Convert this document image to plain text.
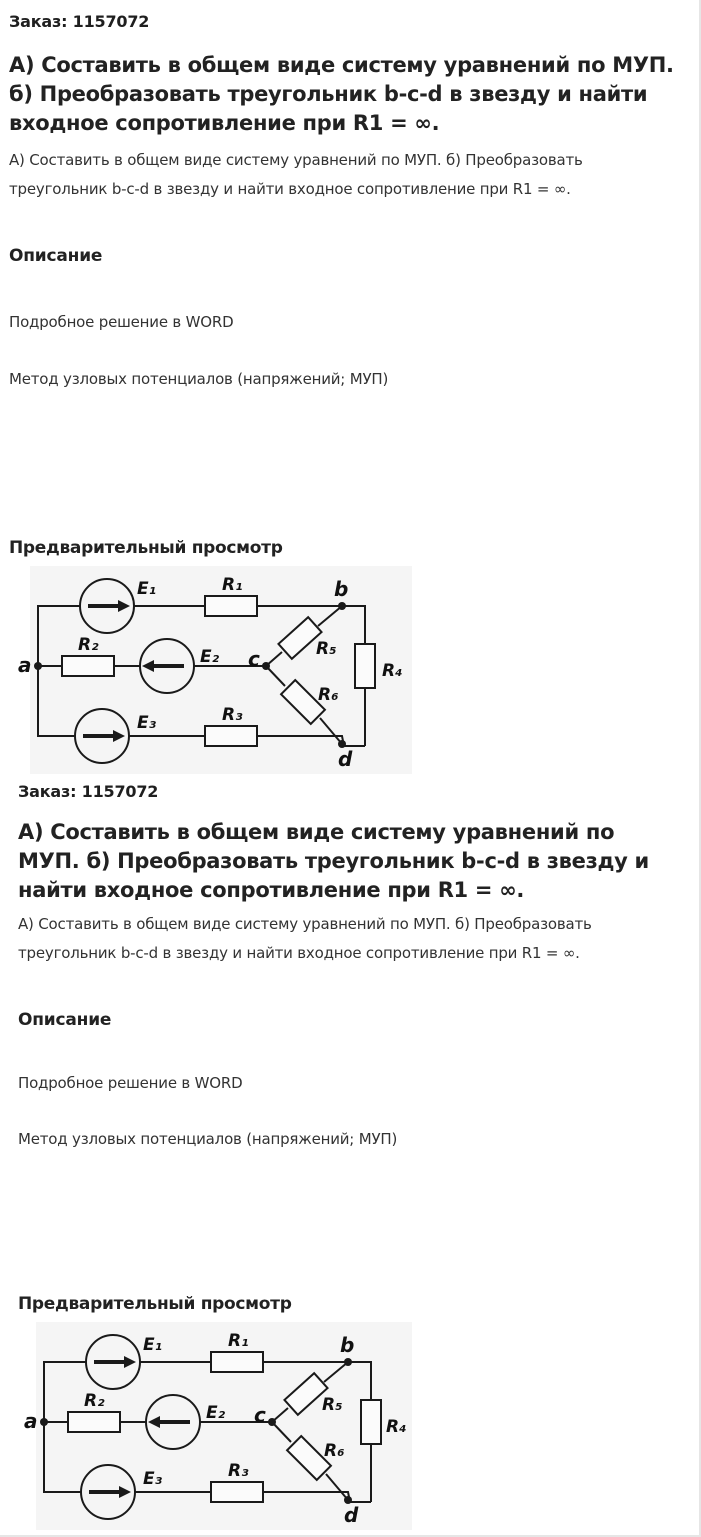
Заказ: 1157072
А) Составить в общем виде систему уравнений по МУП. б) Преобразовать треугольник b-c-d в звезду и найти входное сопротивление при R1 = ∞.

А) Составить в общем виде систему уравнений по МУП. б) Преобразовать треугольник b-c-d в звезду и найти входное сопротивление при R1 = ∞.

Описание

Подробное решение в WORD

Метод узловых потенциалов (напряжений; МУП)

Предварительный просмотр
E₁	R₁
R₂
E₂
E₃	R₃
R₄
R₅
R₆
a
b
c
d
Заказ: 1157072
А) Составить в общем виде систему уравнений по МУП. б) Преобразовать треугольник b-c-d в звезду и найти входное сопротивление при R1 = ∞.

А) Составить в общем виде систему уравнений по МУП. б) Преобразовать треугольник b-c-d в звезду и найти входное сопротивление при R1 = ∞.

Описание

Подробное решение в WORD

Метод узловых потенциалов (напряжений; МУП)

Предварительный просмотр
E₁	R₁
R₂
E₂
E₃	R₃
R₄
R₅
R₆
a
b
c
d
